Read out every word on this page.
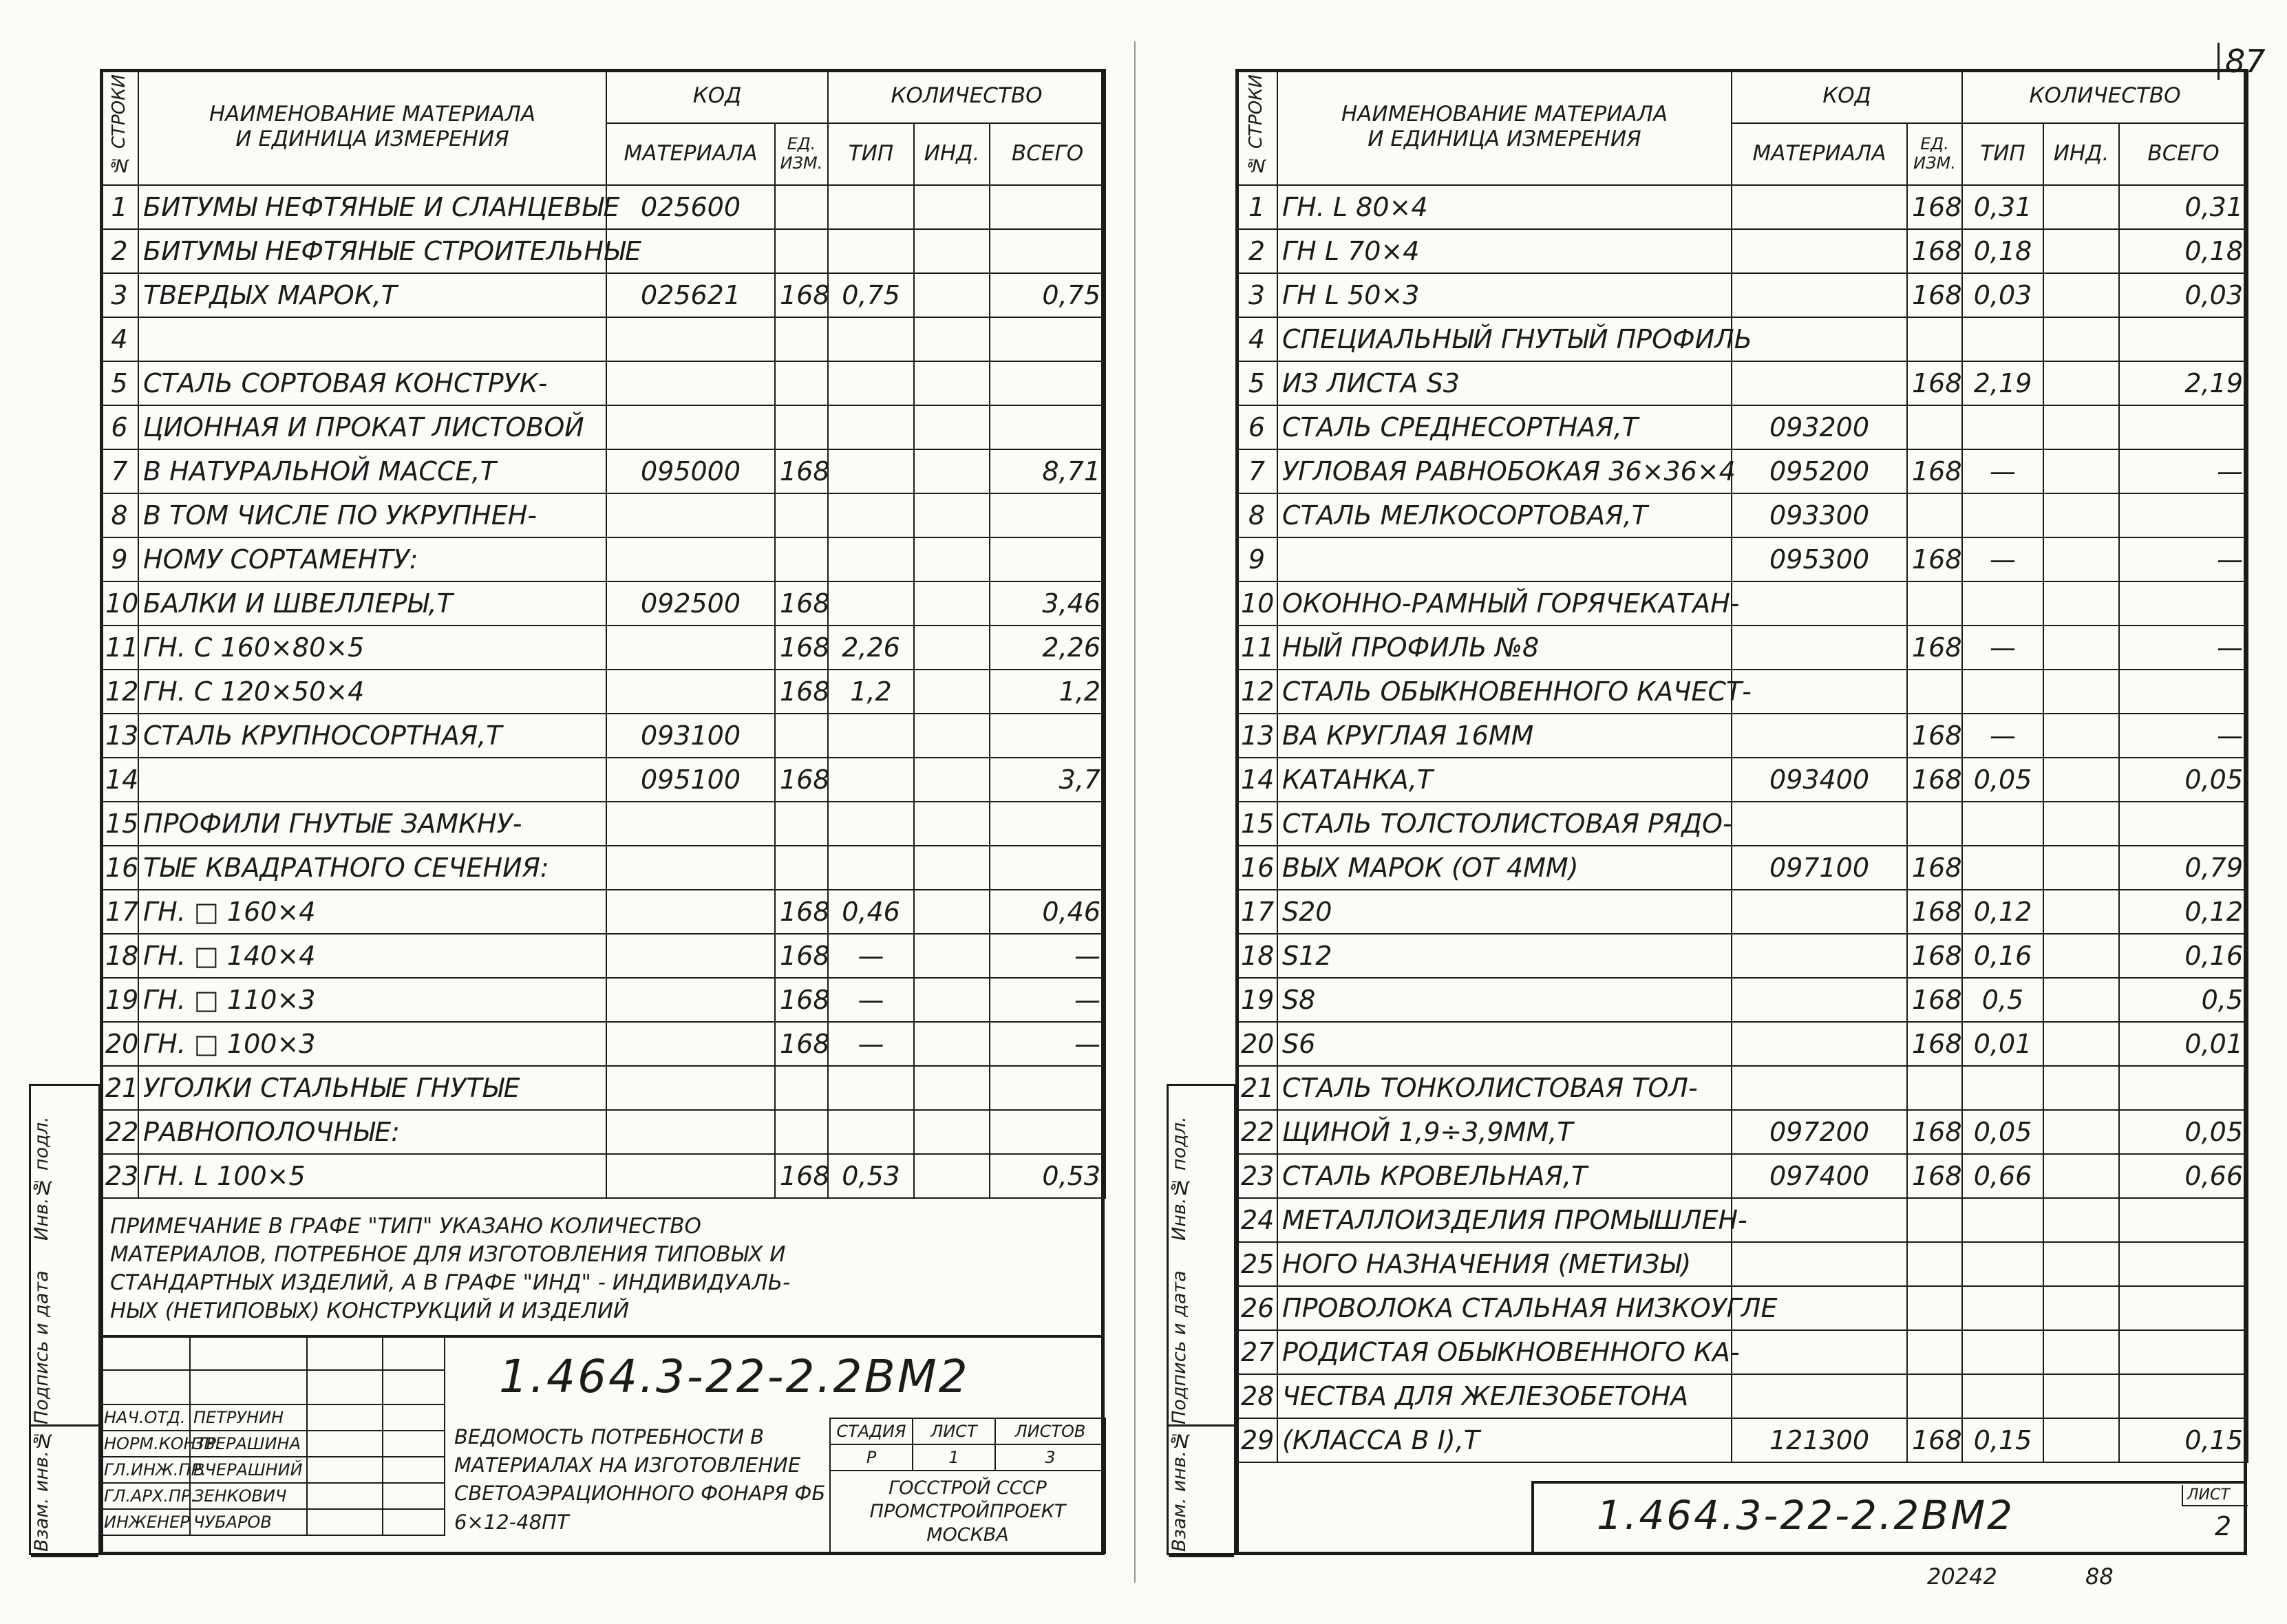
87
№ СТРОКИ	НАИМЕНОВАНИЕ МАТЕРИАЛА
И ЕДИНИЦА ИЗМЕРЕНИЯ	КОД		КОЛИЧЕСТВО		
		МАТЕРИАЛА	ЕД. ИЗМ.	ТИП	ИНД.	ВСЕГО
1	БИТУМЫ НЕФТЯНЫЕ И СЛАНЦЕВЫЕ	025600				
2	БИТУМЫ НЕФТЯНЫЕ СТРОИТЕЛЬНЫЕ					
3	ТВЕРДЫХ МАРОК,Т	025621	168	0,75		0,75
4						
5	СТАЛЬ СОРТОВАЯ КОНСТРУК-					
6	ЦИОННАЯ И ПРОКАТ ЛИСТОВОЙ					
7	В НАТУРАЛЬНОЙ МАССЕ,Т	095000	168			8,71
8	В ТОМ ЧИСЛЕ ПО УКРУПНЕН-					
9	НОМУ СОРТАМЕНТУ:					
10	БАЛКИ И ШВЕЛЛЕРЫ,Т	092500	168			3,46
11	ГН. С 160×80×5		168	2,26		2,26
12	ГН. С 120×50×4		168	1,2		1,2
13	СТАЛЬ КРУПНОСОРТНАЯ,Т	093100				
14		095100	168			3,7
15	ПРОФИЛИ ГНУТЫЕ ЗАМКНУ-					
16	ТЫЕ КВАДРАТНОГО СЕЧЕНИЯ:					
17	ГН. □ 160×4		168	0,46		0,46
18	ГН. □ 140×4		168	—		—
19	ГН. □ 110×3		168	—		—
20	ГН. □ 100×3		168	—		—
21	УГОЛКИ СТАЛЬНЫЕ ГНУТЫЕ					
22	РАВНОПОЛОЧНЫЕ:					
23	ГН. L 100×5		168	0,53		0,53
ПРИМЕЧАНИЕ В ГРАФЕ "ТИП" УКАЗАНО КОЛИЧЕСТВО МАТЕРИАЛОВ, ПОТРЕБНОЕ ДЛЯ ИЗГОТОВЛЕНИЯ ТИПОВЫХ И СТАНДАРТНЫХ ИЗДЕЛИЙ, А В ГРАФЕ "ИНД" - ИНДИВИДУАЛЬ-НЫХ (НЕТИПОВЫХ) КОНСТРУКЦИЙ И ИЗДЕЛИЙ
Инв.№ подл.
Подпись и дата
Взам. инв.№
1.464.3-22-2.2ВМ2

НАЧ.ОТД.	ПЕТРУНИН		
НОРМ.КОНТР.	ЗВЕРАШИНА		
ГЛ.ИНЖ.ПР.	ВЧЕРАШНИЙ		
ГЛ.АРХ.ПР.	ЗЕНКОВИЧ		
ИНЖЕНЕР	ЧУБАРОВ		
ВЕДОМОСТЬ ПОТРЕБНОСТИ В МАТЕРИАЛАХ НА ИЗГОТОВЛЕНИЕ СВЕТОАЭРАЦИОННОГО ФОНАРЯ ФБ 6×12-48ПТ
СТАДИЯ	ЛИСТ	ЛИСТОВ
Р	1	3
ГОССТРОЙ СССР
ПРОМСТРОЙПРОЕКТ
МОСКВА		
№ СТРОКИ	НАИМЕНОВАНИЕ МАТЕРИАЛА
И ЕДИНИЦА ИЗМЕРЕНИЯ	КОД		КОЛИЧЕСТВО		
		МАТЕРИАЛА	ЕД. ИЗМ.	ТИП	ИНД.	ВСЕГО
1	ГН. L 80×4		168	0,31		0,31
2	ГН L 70×4		168	0,18		0,18
3	ГН L 50×3		168	0,03		0,03
4	СПЕЦИАЛЬНЫЙ ГНУТЫЙ ПРОФИЛЬ					
5	ИЗ ЛИСТА S3		168	2,19		2,19
6	СТАЛЬ СРЕДНЕСОРТНАЯ,Т	093200				
7	УГЛОВАЯ РАВНОБОКАЯ 36×36×4	095200	168	—		—
8	СТАЛЬ МЕЛКОСОРТОВАЯ,Т	093300				
9		095300	168	—		—
10	ОКОННО-РАМНЫЙ ГОРЯЧЕКАТАН-					
11	НЫЙ ПРОФИЛЬ №8		168	—		—
12	СТАЛЬ ОБЫКНОВЕННОГО КАЧЕСТ-					
13	ВА КРУГЛАЯ 16ММ		168	—		—
14	КАТАНКА,Т	093400	168	0,05		0,05
15	СТАЛЬ ТОЛСТОЛИСТОВАЯ РЯДО-					
16	ВЫХ МАРОК (ОТ 4ММ)	097100	168			0,79
17	S20		168	0,12		0,12
18	S12		168	0,16		0,16
19	S8		168	0,5		0,5
20	S6		168	0,01		0,01
21	СТАЛЬ ТОНКОЛИСТОВАЯ ТОЛ-					
22	ЩИНОЙ 1,9÷3,9ММ,Т	097200	168	0,05		0,05
23	СТАЛЬ КРОВЕЛЬНАЯ,Т	097400	168	0,66		0,66
24	МЕТАЛЛОИЗДЕЛИЯ ПРОМЫШЛЕН-					
25	НОГО НАЗНАЧЕНИЯ (МЕТИЗЫ)					
26	ПРОВОЛОКА СТАЛЬНАЯ НИЗКОУГЛЕ					
27	РОДИСТАЯ ОБЫКНОВЕННОГО КА-					
28	ЧЕСТВА ДЛЯ ЖЕЛЕЗОБЕТОНА					
29	(КЛАССА В I),Т	121300	168	0,15		0,15
Инв.№ подл.
Подпись и дата
Взам. инв.№	1.464.3-22-2.2ВМ2	ЛИСТ
2
20242	88
